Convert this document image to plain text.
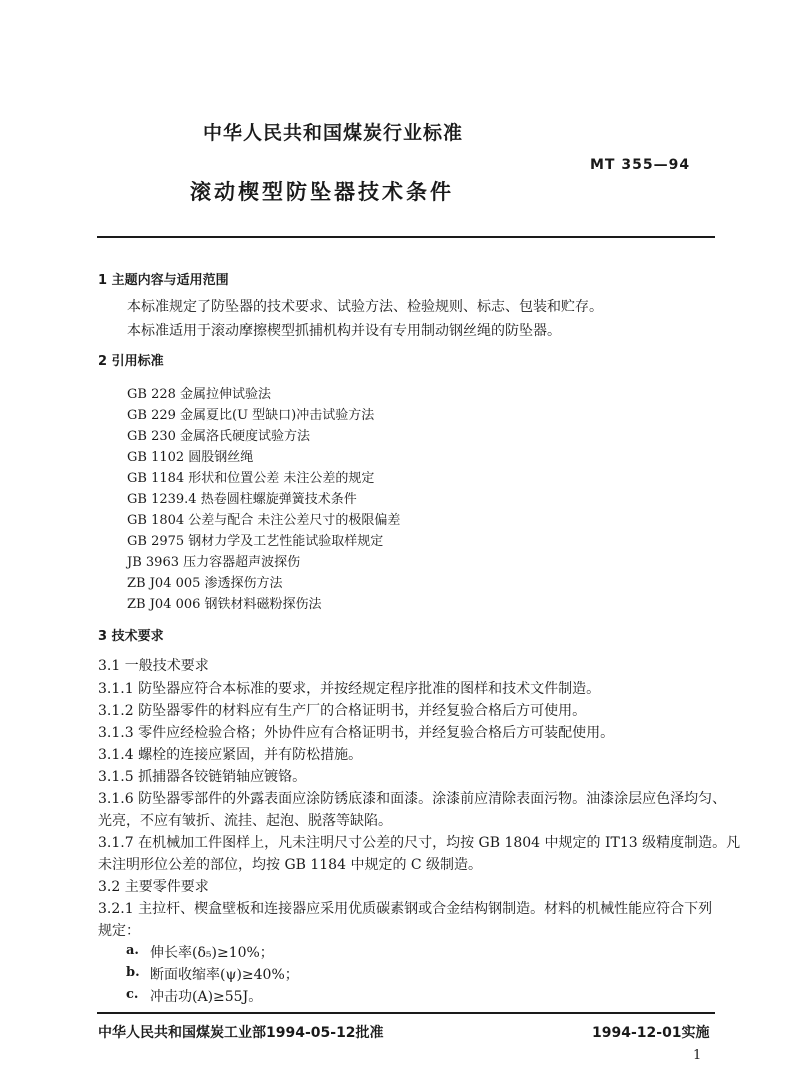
中华人民共和国煤炭行业标准
MT 355—94
滚动楔型防坠器技术条件
1 主题内容与适用范围
本标准规定了防坠器的技术要求、试验方法、检验规则、标志、包装和贮存。
本标准适用于滚动摩擦楔型抓捕机构并设有专用制动钢丝绳的防坠器。
2 引用标准
GB 228 金属拉伸试验法
GB 229 金属夏比(U 型缺口)冲击试验方法
GB 230 金属洛氏硬度试验方法
GB 1102 圆股钢丝绳
GB 1184 形状和位置公差 未注公差的规定
GB 1239.4 热卷圆柱螺旋弹簧技术条件
GB 1804 公差与配合 未注公差尺寸的极限偏差
GB 2975 钢材力学及工艺性能试验取样规定
JB 3963 压力容器超声波探伤
ZB J04 005 渗透探伤方法
ZB J04 006 钢铁材料磁粉探伤法
3 技术要求
3.1 一般技术要求
3.1.1 防坠器应符合本标准的要求，并按经规定程序批准的图样和技术文件制造。
3.1.2 防坠器零件的材料应有生产厂的合格证明书，并经复验合格后方可使用。
3.1.3 零件应经检验合格；外协件应有合格证明书，并经复验合格后方可装配使用。
3.1.4 螺栓的连接应紧固，并有防松措施。
3.1.5 抓捕器各铰链销轴应镀铬。
3.1.6 防坠器零部件的外露表面应涂防锈底漆和面漆。涂漆前应清除表面污物。油漆涂层应色泽均匀、
光亮，不应有皱折、流挂、起泡、脱落等缺陷。
3.1.7 在机械加工件图样上，凡未注明尺寸公差的尺寸，均按 GB 1804 中规定的 IT13 级精度制造。凡
未注明形位公差的部位，均按 GB 1184 中规定的 C 级制造。
3.2 主要零件要求
3.2.1 主拉杆、楔盒壁板和连接器应采用优质碳素钢或合金结构钢制造。材料的机械性能应符合下列
规定：
a. 伸长率(δ₅)≥10%；
b. 断面收缩率(ψ)≥40%；
c. 冲击功(A)≥55J。
中华人民共和国煤炭工业部1994-05-12批准	1994-12-01实施
1
